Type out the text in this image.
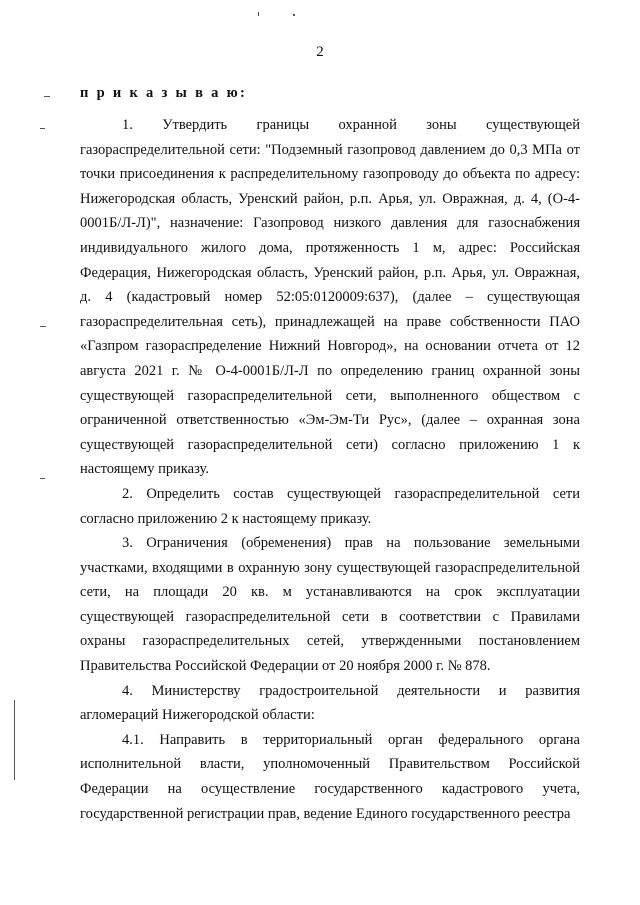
2
п р и к а з ы в а ю:

1. Утвердить границы охранной зоны существующей газораспределительной сети: "Подземный газопровод давлением до 0,3 МПа от точки присоединения к распределительному газопроводу до объекта по адресу: Нижегородская область, Уренский район, р.п. Арья, ул. Овражная, д. 4, (О-4-0001Б/Л-Л)", назначение: Газопровод низкого давления для газоснабжения индивидуального жилого дома, протяженность 1 м, адрес: Российская Федерация, Нижегородская область, Уренский район, р.п. Арья, ул. Овражная, д. 4 (кадастровый номер 52:05:0120009:637), (далее – существующая газораспределительная сеть), принадлежащей на праве собственности ПАО «Газпром газораспределение Нижний Новгород», на основании отчета от 12 августа 2021 г. № О-4-0001Б/Л-Л по определению границ охранной зоны существующей газораспределительной сети, выполненного обществом с ограниченной ответственностью «Эм-Эм-Ти Рус», (далее – охранная зона существующей газораспределительной сети) согласно приложению 1 к настоящему приказу.

2. Определить состав существующей газораспределительной сети согласно приложению 2 к настоящему приказу.

3. Ограничения (обременения) прав на пользование земельными участками, входящими в охранную зону существующей газораспределительной сети, на площади 20 кв. м устанавливаются на срок эксплуатации существующей газораспределительной сети в соответствии с Правилами охраны газораспределительных сетей, утвержденными постановлением Правительства Российской Федерации от 20 ноября 2000 г. № 878.

4. Министерству градостроительной деятельности и развития агломераций Нижегородской области:

4.1. Направить в территориальный орган федерального органа исполнительной власти, уполномоченный Правительством Российской Федерации на осуществление государственного кадастрового учета, государственной регистрации прав, ведение Единого государственного реестра
